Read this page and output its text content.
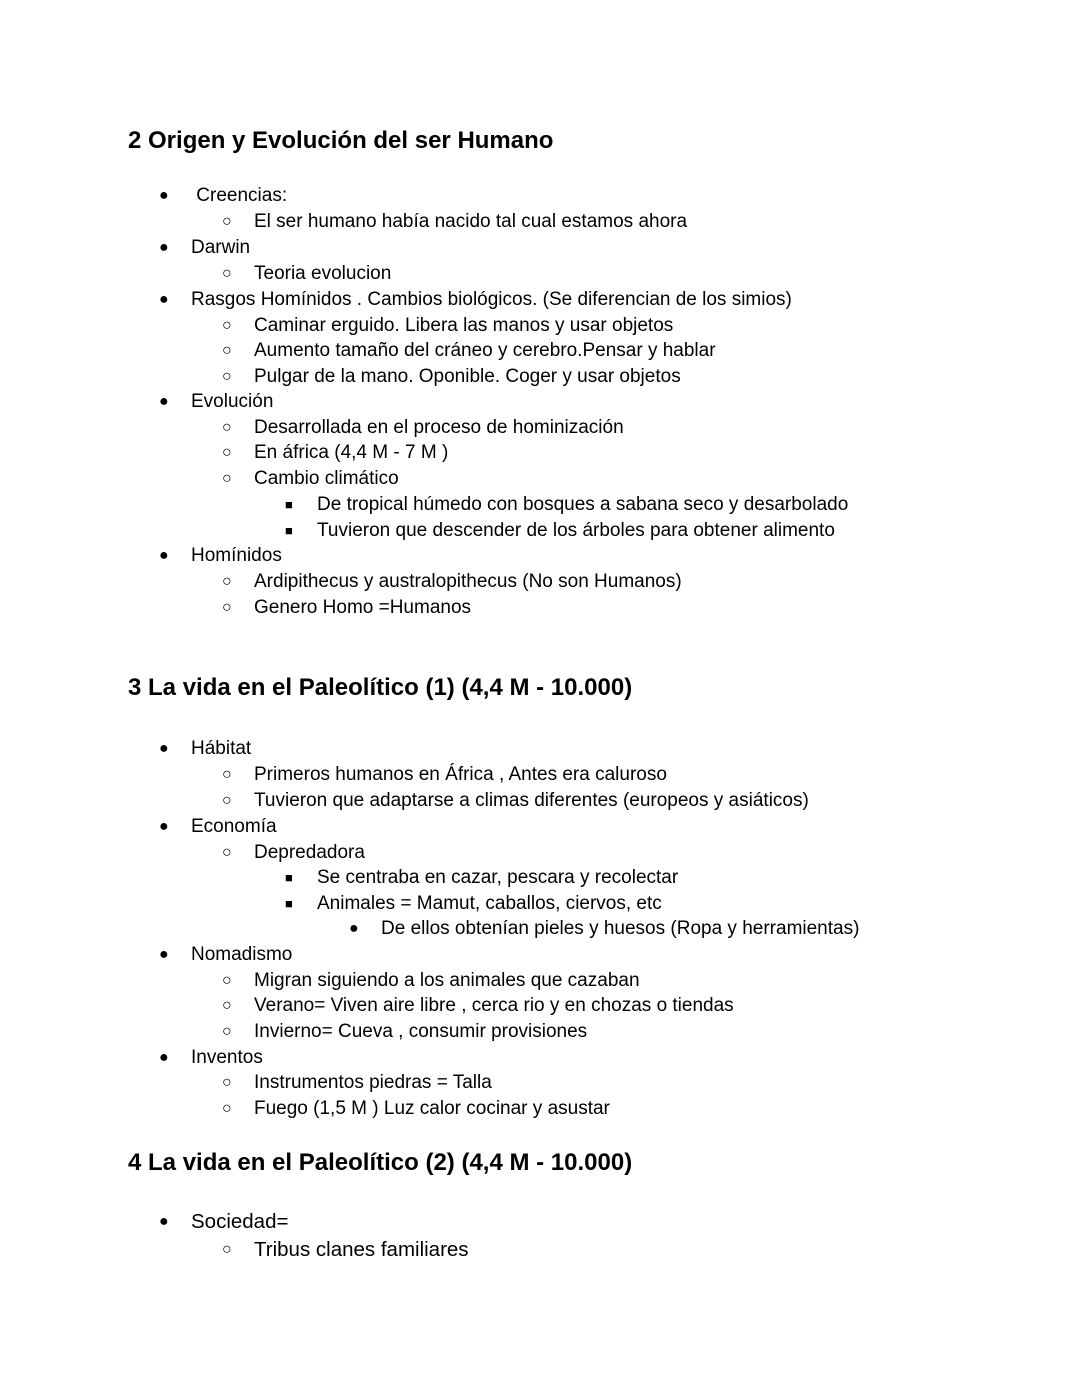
2 Origen y Evolución del ser Humano
●
Creencias:
○
El ser humano había nacido tal cual estamos ahora
●
Darwin
○
Teoria evolucion
●
Rasgos Homínidos . Cambios biológicos. (Se diferencian de los simios)
○
Caminar erguido. Libera las manos y usar objetos
○
Aumento tamaño del cráneo y cerebro.Pensar y hablar
○
Pulgar de la mano. Oponible. Coger y usar objetos
●
Evolución
○
Desarrollada en el proceso de hominización
○
En áfrica (4,4 M - 7 M )
○
Cambio climático
■
De tropical húmedo con bosques a sabana seco y desarbolado
■
Tuvieron que descender de los árboles para obtener alimento
●
Homínidos
○
Ardipithecus y australopithecus (No son Humanos)
○
Genero Homo =Humanos
3 La vida en el Paleolítico (1) (4,4 M - 10.000)
●
Hábitat
○
Primeros humanos en África , Antes era caluroso
○
Tuvieron que adaptarse a climas diferentes (europeos y asiáticos)
●
Economía
○
Depredadora
■
Se centraba en cazar, pescara y recolectar
■
Animales = Mamut, caballos, ciervos, etc
●
De ellos obtenían pieles y huesos (Ropa y herramientas)
●
Nomadismo
○
Migran siguiendo a los animales que cazaban
○
Verano= Viven aire libre , cerca rio y en chozas o tiendas
○
Invierno= Cueva , consumir provisiones
●
Inventos
○
Instrumentos piedras = Talla
○
Fuego (1,5 M ) Luz calor cocinar y asustar
4 La vida en el Paleolítico (2) (4,4 M - 10.000)
●
Sociedad=
○
Tribus clanes familiares
